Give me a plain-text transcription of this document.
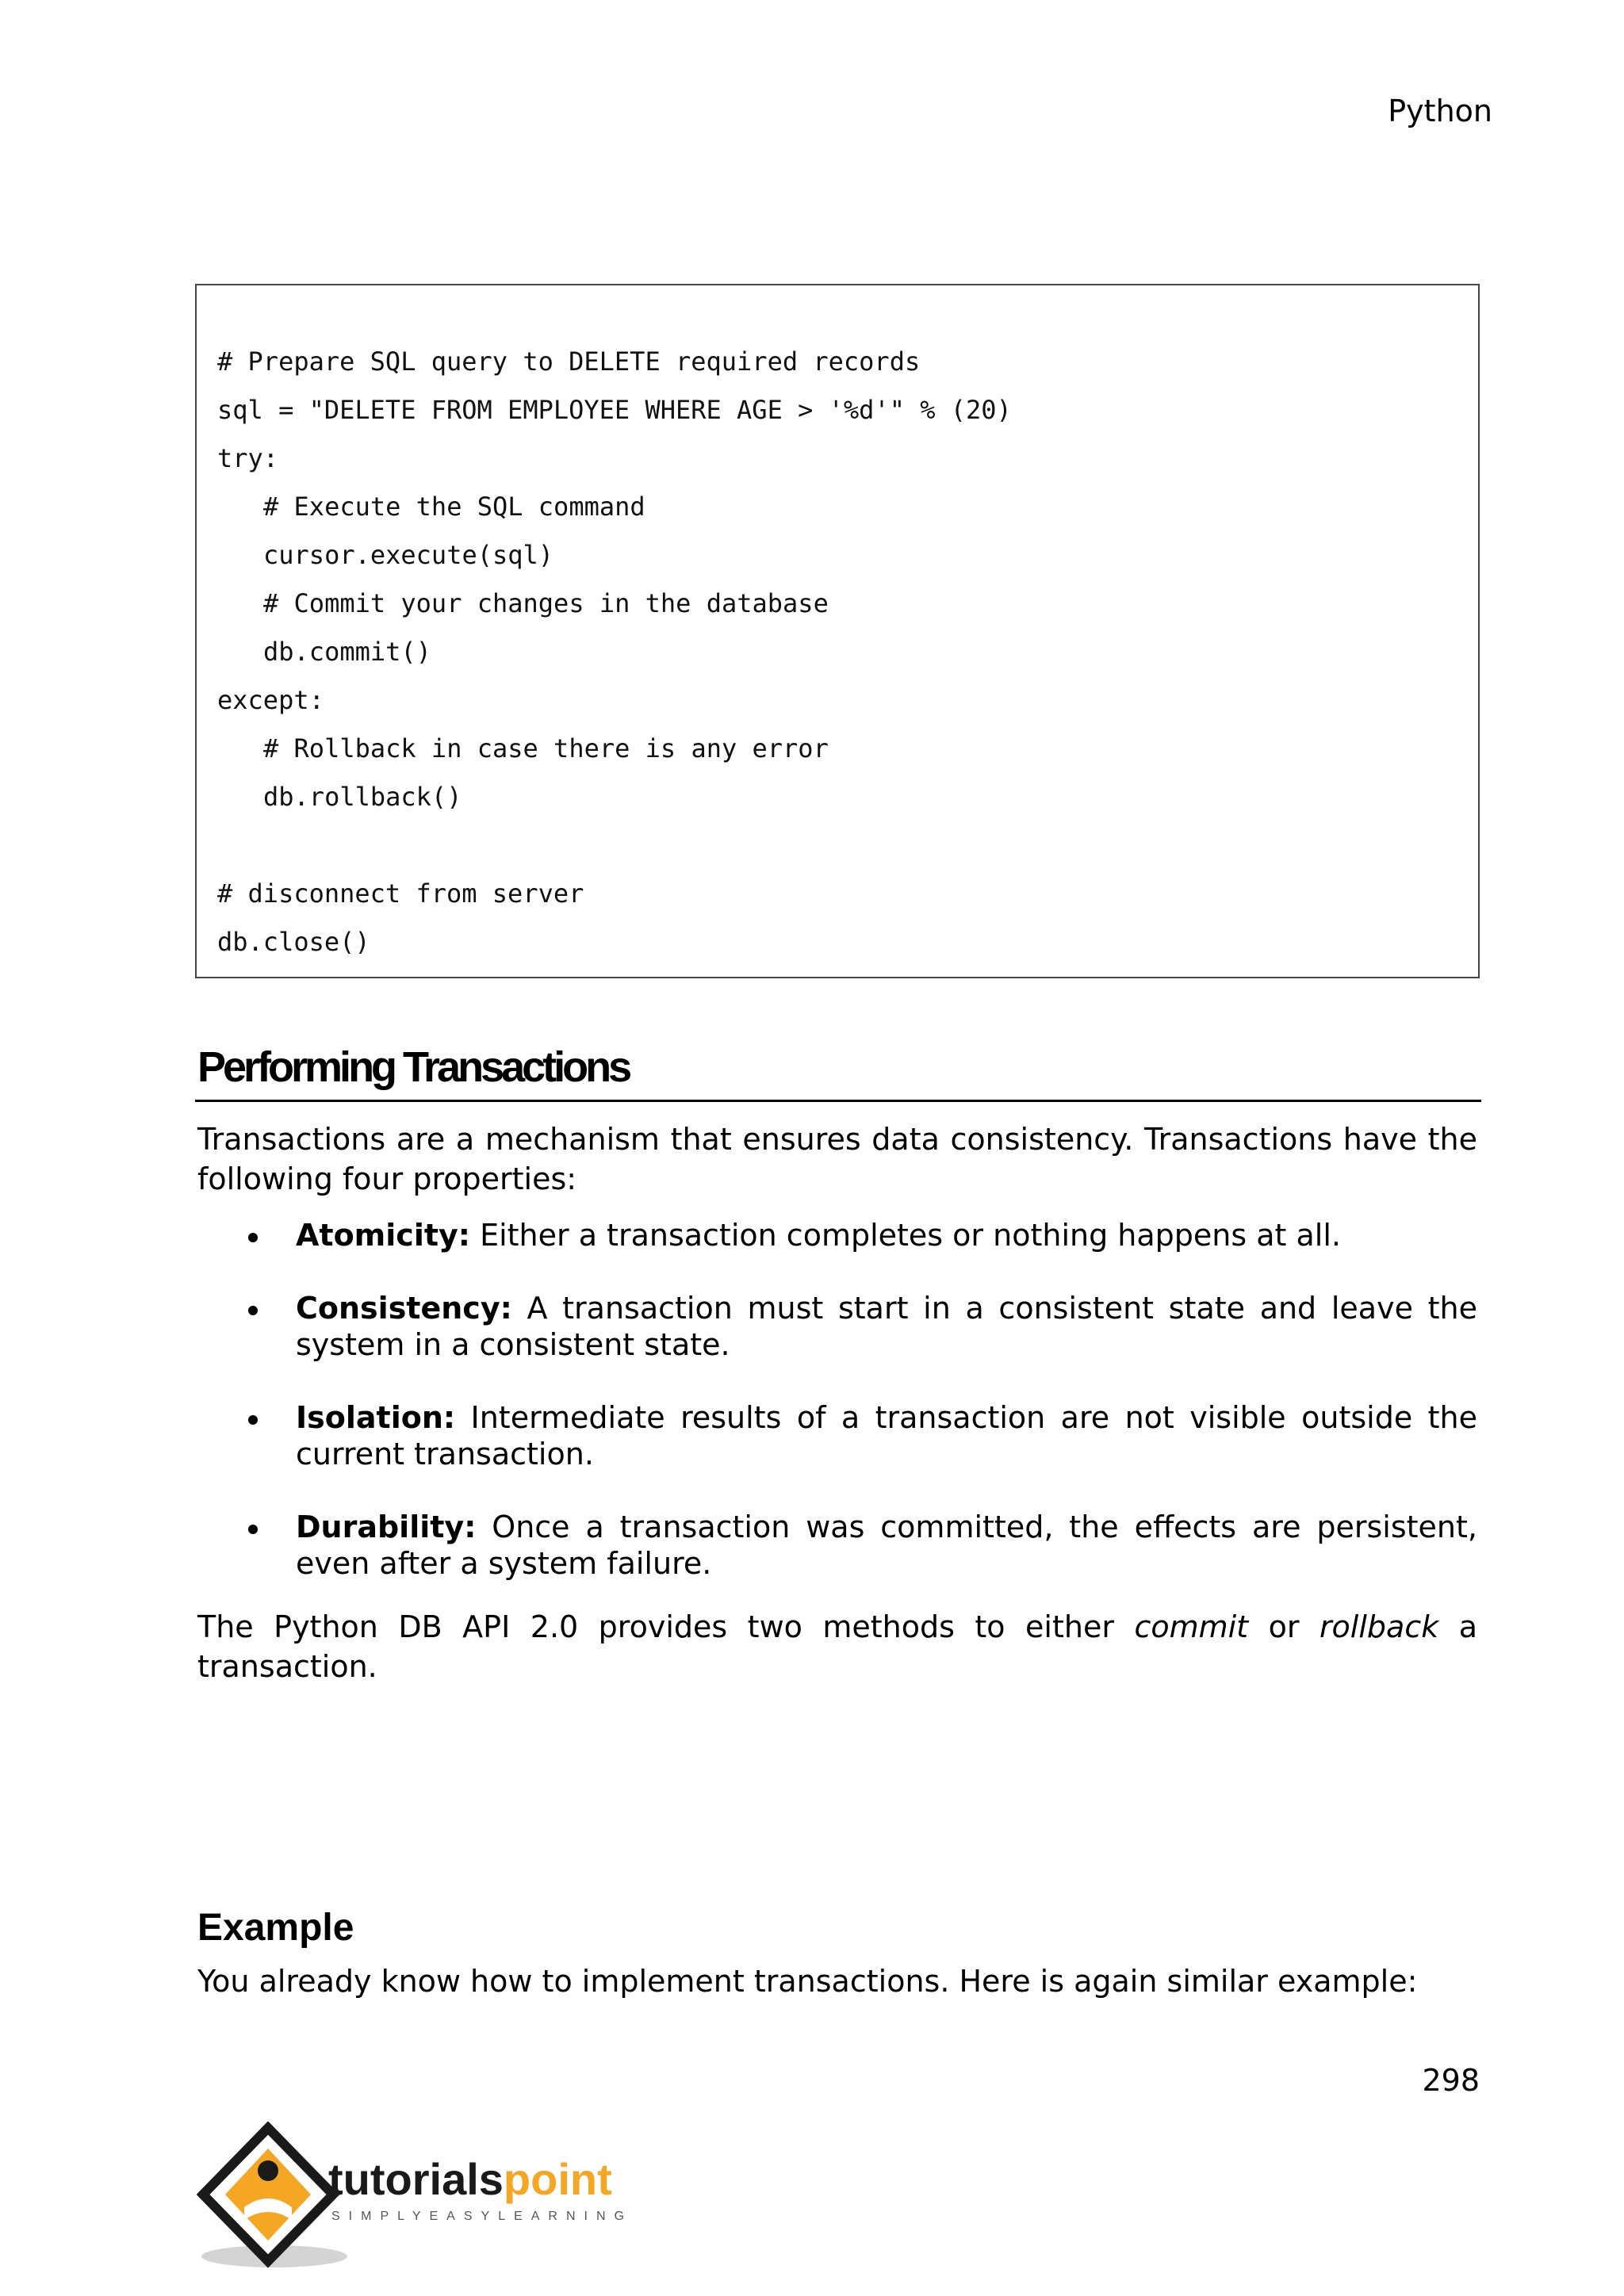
Python
# Prepare SQL query to DELETE required records
sql = "DELETE FROM EMPLOYEE WHERE AGE > '%d'" % (20)
try:
# Execute the SQL command
cursor.execute(sql)
# Commit your changes in the database
db.commit()
except:
# Rollback in case there is any error
db.rollback()
# disconnect from server
db.close()
Performing Transactions
Transactions are a mechanism that ensures data consistency. Transactions have the following four properties:
Atomicity: Either a transaction completes or nothing happens at all.
Consistency: A transaction must start in a consistent state and leave the system in a consistent state.
Isolation: Intermediate results of a transaction are not visible outside the current transaction.
Durability: Once a transaction was committed, the effects are persistent, even after a system failure.
The Python DB API 2.0 provides two methods to either commit or rollback a transaction.
Example
You already know how to implement transactions. Here is again similar example:
298
tutorialspoint
SIMPLYEASYLEARNING
